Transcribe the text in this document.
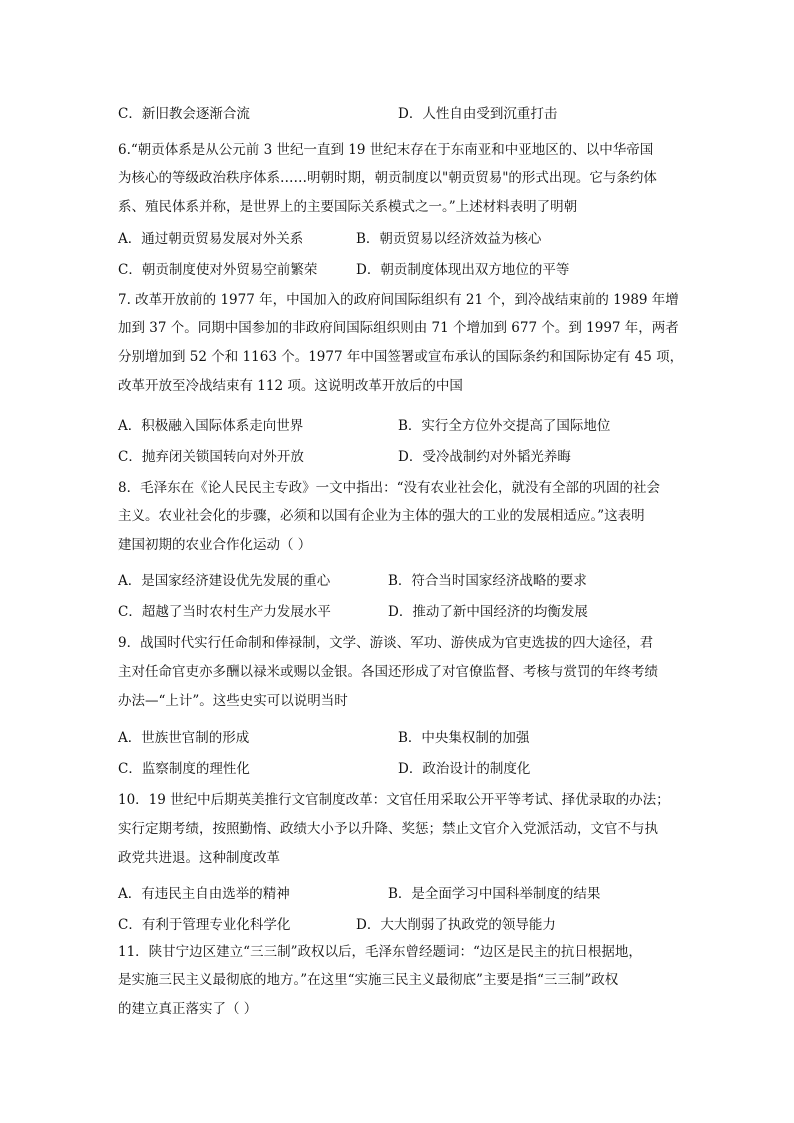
C．新旧教会逐渐合流	D．人性自由受到沉重打击
6.“朝贡体系是从公元前 3 世纪一直到 19 世纪末存在于东南亚和中亚地区的、以中华帝国
为核心的等级政治秩序体系……明朝时期，朝贡制度以"朝贡贸易"的形式出现。它与条约体
系、殖民体系并称，是世界上的主要国际关系模式之一。”上述材料表明了明朝
A．通过朝贡贸易发展对外关系	B．朝贡贸易以经济效益为核心
C．朝贡制度使对外贸易空前繁荣	D．朝贡制度体现出双方地位的平等
7. 改革开放前的 1977 年，中国加入的政府间国际组织有 21 个，到冷战结束前的 1989 年增
加到 37 个。同期中国参加的非政府间国际组织则由 71 个增加到 677 个。到 1997 年，两者
分别增加到 52 个和 1163 个。1977 年中国签署或宣布承认的国际条约和国际协定有 45 项，
改革开放至冷战结束有 112 项。这说明改革开放后的中国
A．积极融入国际体系走向世界	B．实行全方位外交提高了国际地位
C．抛弃闭关锁国转向对外开放	D．受冷战制约对外韬光养晦
8．毛泽东在《论人民民主专政》一文中指出：“没有农业社会化，就没有全部的巩固的社会
主义。农业社会化的步骤，必须和以国有企业为主体的强大的工业的发展相适应。”这表明
建国初期的农业合作化运动（ ）
A．是国家经济建设优先发展的重心	B．符合当时国家经济战略的要求
C．超越了当时农村生产力发展水平	D．推动了新中国经济的均衡发展
9．战国时代实行任命制和俸禄制，文学、游谈、军功、游侠成为官吏选拔的四大途径，君
主对任命官吏亦多酬以禄米或赐以金银。各国还形成了对官僚监督、考核与赏罚的年终考绩
办法—“上计”。这些史实可以说明当时
A．世族世官制的形成	B．中央集权制的加强
C．监察制度的理性化	D．政治设计的制度化
10．19 世纪中后期英美推行文官制度改革：文官任用采取公开平等考试、择优录取的办法；
实行定期考绩，按照勤惰、政绩大小予以升降、奖惩；禁止文官介入党派活动，文官不与执
政党共进退。这种制度改革
A．有违民主自由选举的精神	B．是全面学习中国科举制度的结果
C．有利于管理专业化科学化	D．大大削弱了执政党的领导能力
11．陕甘宁边区建立“三三制”政权以后，毛泽东曾经题词：“边区是民主的抗日根据地，
是实施三民主义最彻底的地方。”在这里“实施三民主义最彻底”主要是指“三三制”政权
的建立真正落实了（ ）
